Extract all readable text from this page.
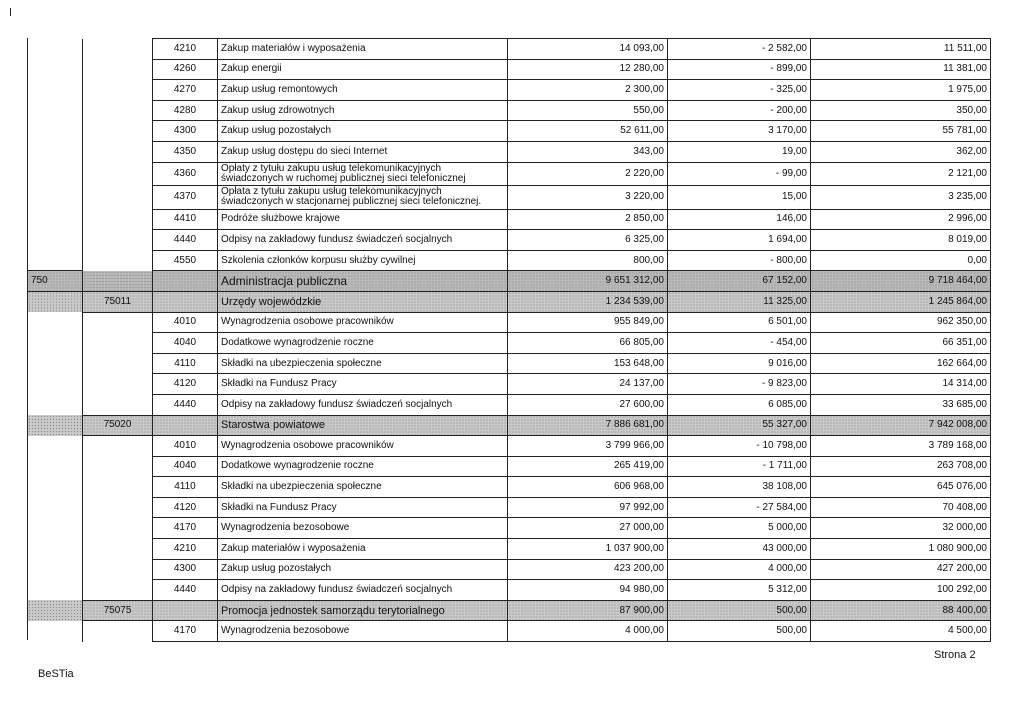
		4210	Zakup materiałów i wyposażenia	14 093,00	- 2 582,00	11 511,00
		4260	Zakup energii	12 280,00	- 899,00	11 381,00
		4270	Zakup usług remontowych	2 300,00	- 325,00	1 975,00
		4280	Zakup usług zdrowotnych	550,00	- 200,00	350,00
		4300	Zakup usług pozostałych	52 611,00	3 170,00	55 781,00
		4350	Zakup usług dostępu do sieci Internet	343,00	19,00	362,00
		4360	Opłaty z tytułu zakupu usług telekomunikacyjnych świadczonych w ruchomej publicznej sieci telefonicznej	2 220,00	- 99,00	2 121,00
		4370	Opłata z tytułu zakupu usług telekomunikacyjnych świadczonych w stacjonarnej publicznej sieci telefonicznej.	3 220,00	15,00	3 235,00
		4410	Podróże służbowe krajowe	2 850,00	146,00	2 996,00
		4440	Odpisy na zakładowy fundusz świadczeń socjalnych	6 325,00	1 694,00	8 019,00
		4550	Szkolenia członków korpusu służby cywilnej	800,00	- 800,00	0,00
750			Administracja publiczna	9 651 312,00	67 152,00	9 718 464,00
	75011		Urzędy wojewódzkie	1 234 539,00	11 325,00	1 245 864,00
		4010	Wynagrodzenia osobowe pracowników	955 849,00	6 501,00	962 350,00
		4040	Dodatkowe wynagrodzenie roczne	66 805,00	- 454,00	66 351,00
		4110	Składki na ubezpieczenia społeczne	153 648,00	9 016,00	162 664,00
		4120	Składki na Fundusz Pracy	24 137,00	- 9 823,00	14 314,00
		4440	Odpisy na zakładowy fundusz świadczeń socjalnych	27 600,00	6 085,00	33 685,00
	75020		Starostwa powiatowe	7 886 681,00	55 327,00	7 942 008,00
		4010	Wynagrodzenia osobowe pracowników	3 799 966,00	- 10 798,00	3 789 168,00
		4040	Dodatkowe wynagrodzenie roczne	265 419,00	- 1 711,00	263 708,00
		4110	Składki na ubezpieczenia społeczne	606 968,00	38 108,00	645 076,00
		4120	Składki na Fundusz Pracy	97 992,00	- 27 584,00	70 408,00
		4170	Wynagrodzenia bezosobowe	27 000,00	5 000,00	32 000,00
		4210	Zakup materiałów i wyposażenia	1 037 900,00	43 000,00	1 080 900,00
		4300	Zakup usług pozostałych	423 200,00	4 000,00	427 200,00
		4440	Odpisy na zakładowy fundusz świadczeń socjalnych	94 980,00	5 312,00	100 292,00
	75075		Promocja jednostek samorządu terytorialnego	87 900,00	500,00	88 400,00
		4170	Wynagrodzenia bezosobowe	4 000,00	500,00	4 500,00
BeSTia
Strona 2
